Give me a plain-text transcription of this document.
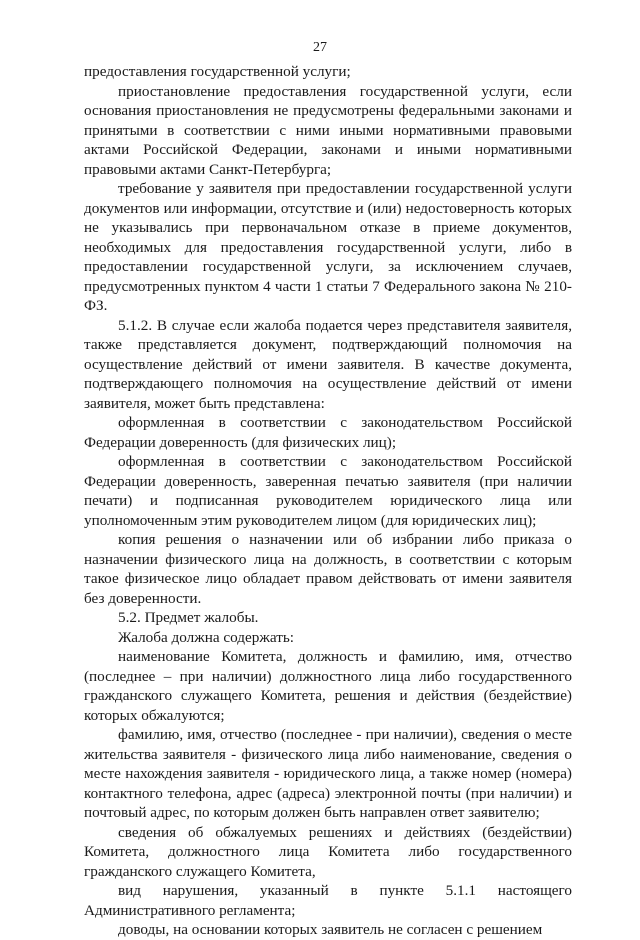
27

предоставления государственной услуги;

приостановление предоставления государственной услуги, если основания приостановления не предусмотрены федеральными законами и принятыми в соответствии с ними иными нормативными правовыми актами Российской Федерации, законами и иными нормативными правовыми актами Санкт-Петербурга;

требование у заявителя при предоставлении государственной услуги документов или информации, отсутствие и (или) недостоверность которых не указывались при первоначальном отказе в приеме документов, необходимых для предоставления государственной услуги, либо в предоставлении государственной услуги, за исключением случаев, предусмотренных пунктом 4 части 1 статьи 7 Федерального закона № 210-ФЗ.

5.1.2. В случае если жалоба подается через представителя заявителя, также представляется документ, подтверждающий полномочия на осуществление действий от имени заявителя. В качестве документа, подтверждающего полномочия на осуществление действий от имени заявителя, может быть представлена:

оформленная в соответствии с законодательством Российской Федерации доверенность (для физических лиц);

оформленная в соответствии с законодательством Российской Федерации доверенность, заверенная печатью заявителя (при наличии печати) и подписанная руководителем юридического лица или уполномоченным этим руководителем лицом (для юридических лиц);

копия решения о назначении или об избрании либо приказа о назначении физического лица на должность, в соответствии с которым такое физическое лицо обладает правом действовать от имени заявителя без доверенности.

5.2. Предмет жалобы.

Жалоба должна содержать:

наименование Комитета, должность и фамилию, имя, отчество (последнее – при наличии) должностного лица либо государственного гражданского служащего Комитета, решения и действия (бездействие) которых обжалуются;

фамилию, имя, отчество (последнее - при наличии), сведения о месте жительства заявителя - физического лица либо наименование, сведения о месте нахождения заявителя - юридического лица, а также номер (номера) контактного телефона, адрес (адреса) электронной почты (при наличии) и почтовый адрес, по которым должен быть направлен ответ заявителю;

сведения об обжалуемых решениях и действиях (бездействии) Комитета, должностного лица Комитета либо государственного гражданского служащего Комитета,

вид нарушения, указанный в пункте 5.1.1 настоящего Административного регламента;

доводы, на основании которых заявитель не согласен с решением
